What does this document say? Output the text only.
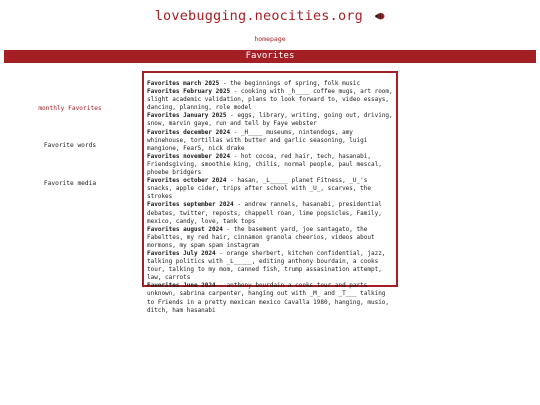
lovebugging.neocities.org
homepage
Favorites
monthly Favorites
Favorite words
Favorite media

Favorites march 2025 - the beginnings of spring, folk music

Favorites February 2025 - cooking with _h____ coffee mugs, art room, slight academic validation, plans to look forward to, video essays, dancing, planning, role model

Favorites January 2025 - eggs, library, writing, going out, driving, snow, marvin gaye, run and tell by Faye webster

Favorites december 2024 - _H____ museums, nintendogs, amy whinehouse, tortillas with butter and garlic seasoning, luigi mangione, Fear5, nick drake

Favorites november 2024 - hot cocoa, red hair, tech, hasanabi, Friendsgiving, smoothie king, chilis, normal people, paul mescal, phoebe bridgers

Favorites october 2024 - hasan, _L_____ planet Fitness, _U_'s snacks, apple cider, trips after school with _U_, scarves, the strokes

Favorites september 2024 - andrew rannels, hasanabi, presidential debates, twitter, reposts, chappell roan, lime popsicles, Family, mexico, candy, love, tank tops

Favorites august 2024 - the basement yard, joe santagato, the Fabelttes, my red hair, cinnamon granola cheerios, videos about mormons, my spam spam instagram

Favorites July 2024 - orange sherbert, kitchen confidential, jazz, talking politics with _L_____, editing anthony bourdain, a cooks tour, talking to my mom, canned fish, trump assasination attempt, law, carrots

Favorites June 2024 - anthony bourdain a cooks tour and parts unknown, sabrina carpenter, hanging out with _M_ and _T___ talking to Friends in a pretty mexican mexico Cavalla 1980, hanging, musio, ditch, ham hasanabi
